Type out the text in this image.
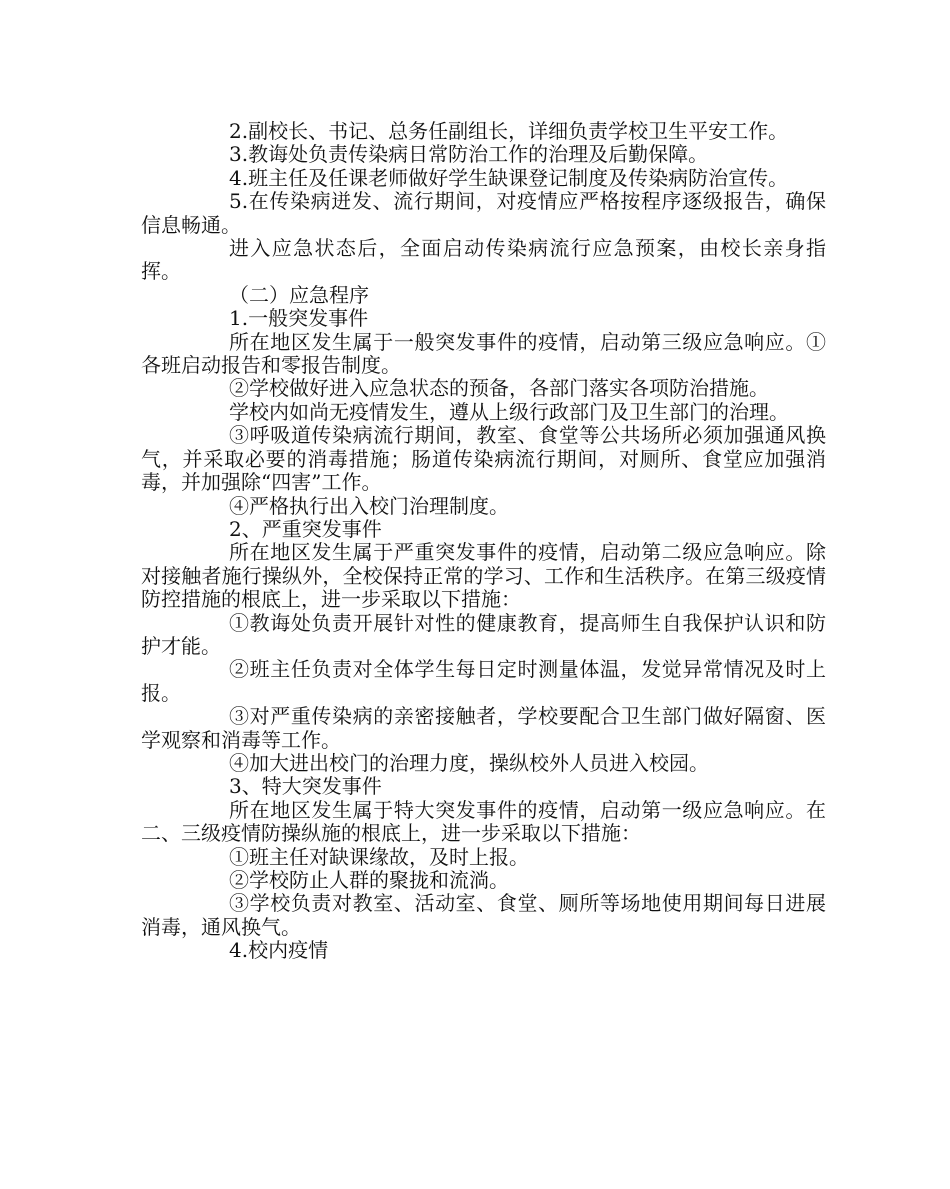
2.副校长、书记、总务任副组长，详细负责学校卫生平安工作。

3.教诲处负责传染病日常防治工作的治理及后勤保障。

4.班主任及任课老师做好学生缺课登记制度及传染病防治宣传。

5.在传染病迸发、流行期间，对疫情应严格按程序逐级报告，确保信息畅通。

进入应急状态后，全面启动传染病流行应急预案，由校长亲身指挥。

（二）应急程序

1.一般突发事件

所在地区发生属于一般突发事件的疫情，启动第三级应急响应。①各班启动报告和零报告制度。

②学校做好进入应急状态的预备，各部门落实各项防治措施。

学校内如尚无疫情发生，遵从上级行政部门及卫生部门的治理。

③呼吸道传染病流行期间，教室、食堂等公共场所必须加强通风换气，并采取必要的消毒措施；肠道传染病流行期间，对厕所、食堂应加强消毒，并加强除“四害”工作。

④严格执行出入校门治理制度。

2、严重突发事件

所在地区发生属于严重突发事件的疫情，启动第二级应急响应。除对接触者施行操纵外，全校保持正常的学习、工作和生活秩序。在第三级疫情防控措施的根底上，进一步采取以下措施：

①教诲处负责开展针对性的健康教育，提高师生自我保护认识和防护才能。

②班主任负责对全体学生每日定时测量体温，发觉异常情况及时上报。

③对严重传染病的亲密接触者，学校要配合卫生部门做好隔窗、医学观察和消毒等工作。

④加大进出校门的治理力度，操纵校外人员进入校园。

3、特大突发事件

所在地区发生属于特大突发事件的疫情，启动第一级应急响应。在二、三级疫情防操纵施的根底上，进一步采取以下措施：

①班主任对缺课缘故，及时上报。

②学校防止人群的聚拢和流淌。

③学校负责对教室、活动室、食堂、厕所等场地使用期间每日进展消毒，通风换气。

4.校内疫情
